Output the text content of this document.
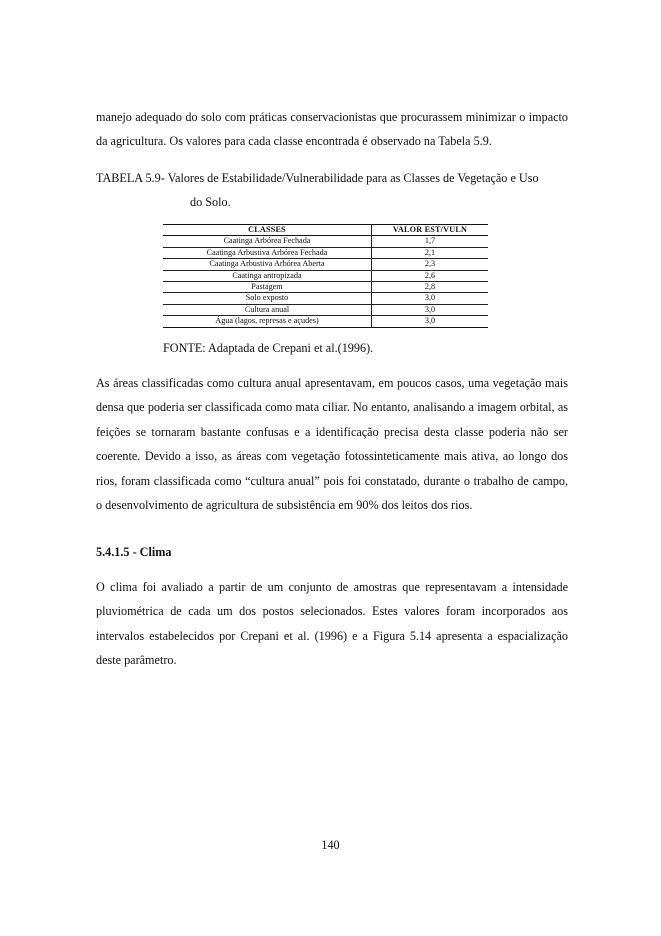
manejo adequado do solo com práticas conservacionistas que procurassem minimizar o impacto da agricultura. Os valores para cada classe encontrada é observado na Tabela 5.9.

TABELA 5.9- Valores de Estabilidade/Vulnerabilidade para as Classes de Vegetação e Uso
do Solo.

CLASSES	VALOR EST/VULN
Caatinga Arbórea Fechada	1,7
Caatinga Arbustiva Arbórea Fechada	2,1
Caatinga Arbustiva Arbórea Aberta	2,3
Caatinga antropizada	2,6
Pastagem	2,8
Solo exposto	3,0
Cultura anual	3,0
Água (lagos, represas e açudes)	3,0

FONTE: Adaptada de Crepani et al.(1996).

As áreas classificadas como cultura anual apresentavam, em poucos casos, uma vegetação mais densa que poderia ser classificada como mata ciliar. No entanto, analisando a imagem orbital, as feições se tornaram bastante confusas e a identificação precisa desta classe poderia não ser coerente. Devido a isso, as áreas com vegetação fotossinteticamente mais ativa, ao longo dos rios, foram classificada como “cultura anual” pois foi constatado, durante o trabalho de campo, o desenvolvimento de agricultura de subsistência em 90% dos leitos dos rios.

5.4.1.5 - Clima

O clima foi avaliado a partir de um conjunto de amostras que representavam a intensidade pluviométrica de cada um dos postos selecionados. Estes valores foram incorporados aos intervalos estabelecidos por Crepani et al. (1996) e a Figura 5.14 apresenta a espacialização deste parâmetro.

140
